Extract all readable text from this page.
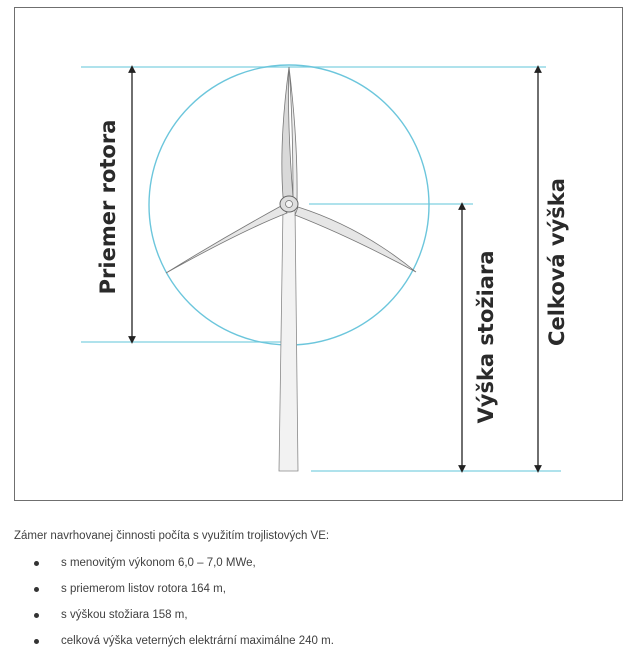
Priemer rotora
Výška stožiara Celková výška

Zámer navrhovanej činnosti počíta s využitím trojlistových VE:

s menovitým výkonom 6,0 – 7,0 MWe,
s priemerom listov rotora 164 m,
s výškou stožiara 158 m,
celková výška veterných elektrární maximálne 240 m.
